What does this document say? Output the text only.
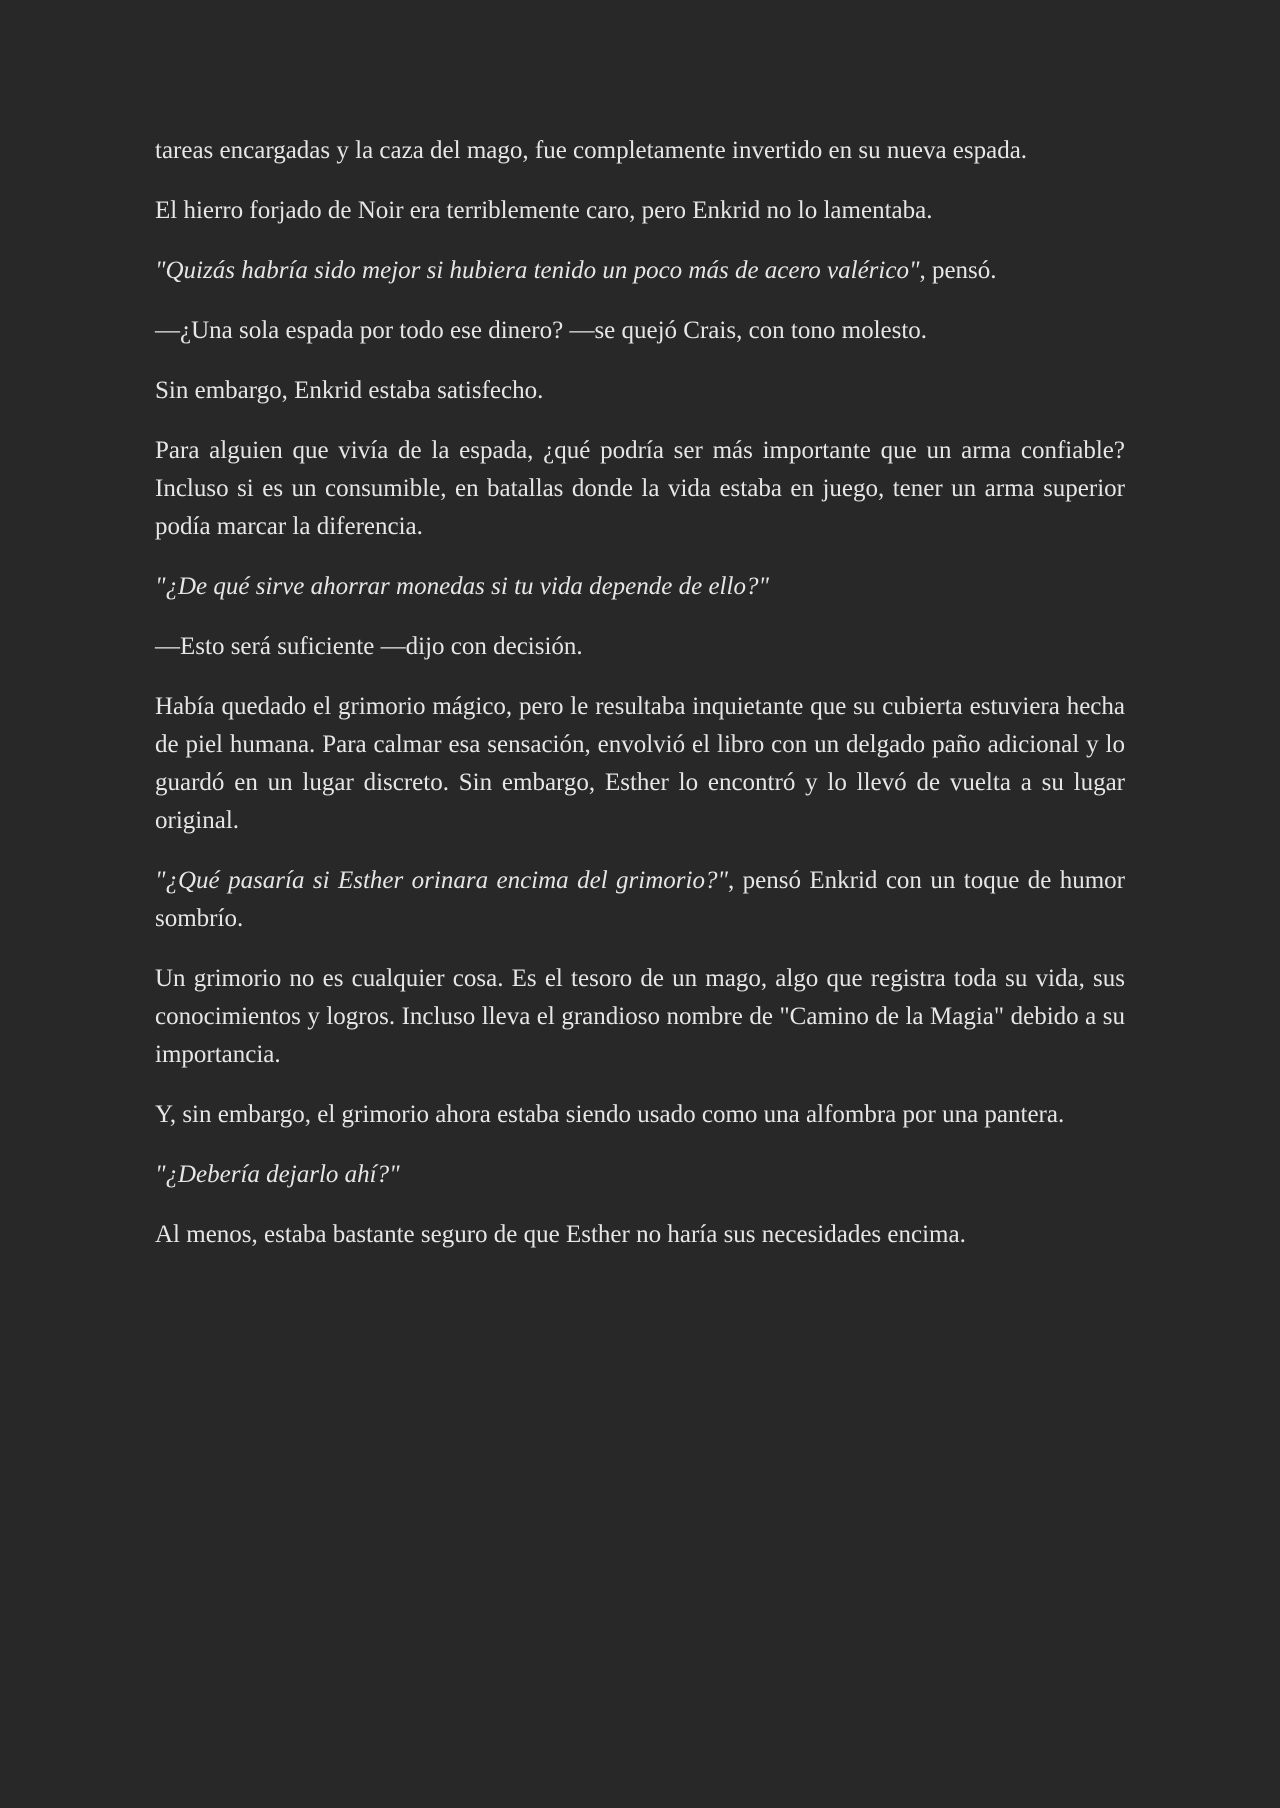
tareas encargadas y la caza del mago, fue completamente invertido en su nueva espada.

El hierro forjado de Noir era terriblemente caro, pero Enkrid no lo lamentaba.

"Quizás habría sido mejor si hubiera tenido un poco más de acero valérico", pensó.

—¿Una sola espada por todo ese dinero? —se quejó Crais, con tono molesto.

Sin embargo, Enkrid estaba satisfecho.

Para alguien que vivía de la espada, ¿qué podría ser más importante que un arma confiable? Incluso si es un consumible, en batallas donde la vida estaba en juego, tener un arma superior podía marcar la diferencia.

"¿De qué sirve ahorrar monedas si tu vida depende de ello?"

—Esto será suficiente —dijo con decisión.

Había quedado el grimorio mágico, pero le resultaba inquietante que su cubierta estuviera hecha de piel humana. Para calmar esa sensación, envolvió el libro con un delgado paño adicional y lo guardó en un lugar discreto. Sin embargo, Esther lo encontró y lo llevó de vuelta a su lugar original.

"¿Qué pasaría si Esther orinara encima del grimorio?", pensó Enkrid con un toque de humor sombrío.

Un grimorio no es cualquier cosa. Es el tesoro de un mago, algo que registra toda su vida, sus conocimientos y logros. Incluso lleva el grandioso nombre de "Camino de la Magia" debido a su importancia.

Y, sin embargo, el grimorio ahora estaba siendo usado como una alfombra por una pantera.

"¿Debería dejarlo ahí?"

Al menos, estaba bastante seguro de que Esther no haría sus necesidades encima.
